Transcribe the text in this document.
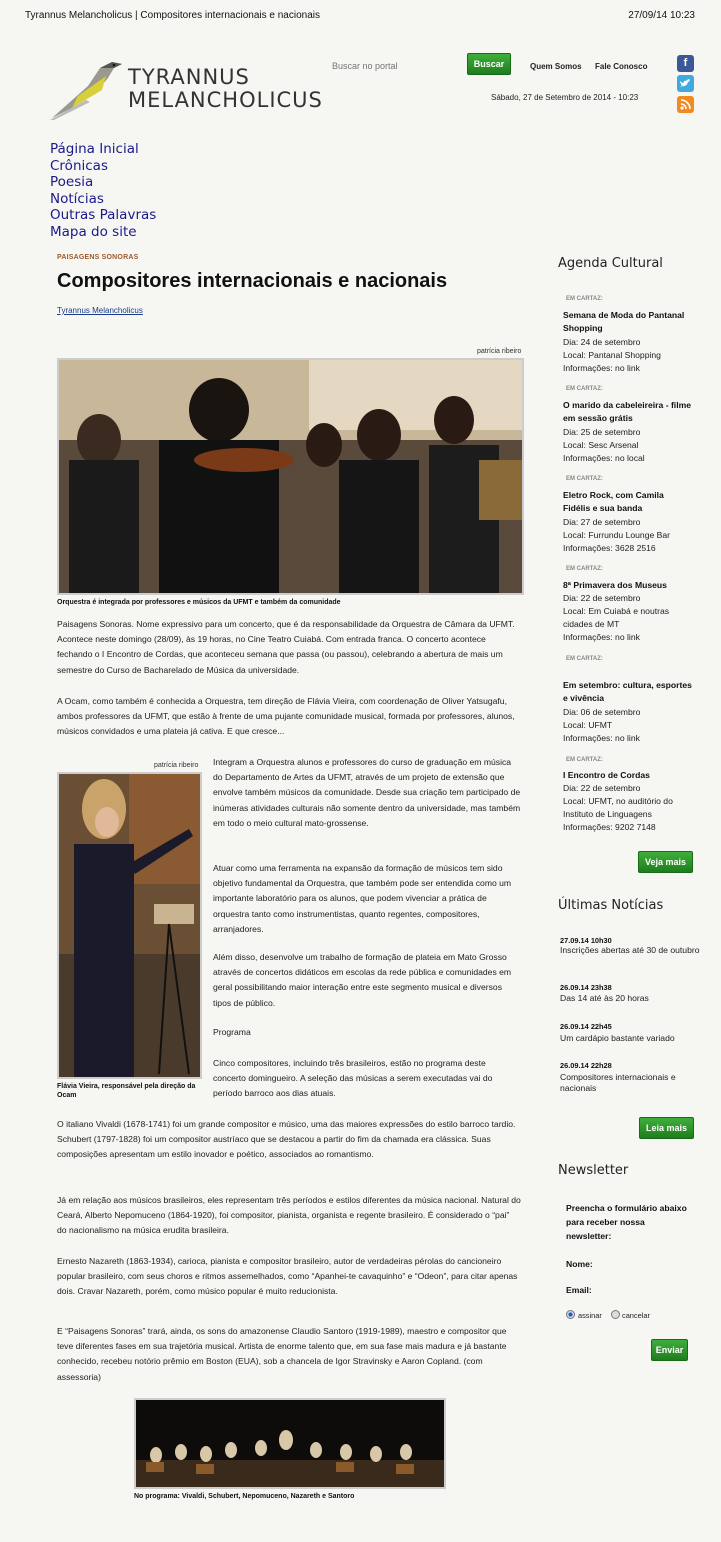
Tyrannus Melancholicus | Compositores internacionais e nacionais	27/09/14 10:23
TYRANNUS
MELANCHOLICUS
Buscar no portal
Buscar	Quem Somos Fale Conosco
Sábado, 27 de Setembro de 2014 - 10:23
f
Página Inicial
Crônicas
Poesia
Notícias
Outras Palavras
Mapa do site
PAISAGENS SONORAS
Compositores internacionais e nacionais
Tyrannus Melancholicus
patrícia ribeiro
Orquestra é integrada por professores e músicos da UFMT e também da comunidade

Paisagens Sonoras. Nome expressivo para um concerto, que é da responsabilidade da Orquestra de Câmara da UFMT. Acontece neste domingo (28/09), às 19 horas, no Cine Teatro Cuiabá. Com entrada franca. O concerto acontece fechando o I Encontro de Cordas, que aconteceu semana que passa (ou passou), celebrando a abertura de mais um semestre do Curso de Bacharelado de Música da universidade.

A Ocam, como também é conhecida a Orquestra, tem direção de Flávia Vieira, com coordenação de Oliver Yatsugafu, ambos professores da UFMT, que estão à frente de uma pujante comunidade musical, formada por professores, alunos, músicos convidados e uma plateia já cativa. E que cresce...

patrícia ribeiro
Flávia Vieira, responsável pela direção da Ocam

Integram a Orquestra alunos e professores do curso de graduação em música do Departamento de Artes da UFMT, através de um projeto de extensão que envolve também músicos da comunidade. Desde sua criação tem participado de inúmeras atividades culturais não somente dentro da universidade, mas também em todo o meio cultural mato-grossense.

Atuar como uma ferramenta na expansão da formação de músicos tem sido objetivo fundamental da Orquestra, que também pode ser entendida como um importante laboratório para os alunos, que podem vivenciar a prática de orquestra tanto como instrumentistas, quanto regentes, compositores, arranjadores.

Além disso, desenvolve um trabalho de formação de plateia em Mato Grosso através de concertos didáticos em escolas da rede pública e comunidades em geral possibilitando maior interação entre este segmento musical e diversos tipos de público.

Programa

Cinco compositores, incluindo três brasileiros, estão no programa deste concerto domingueiro. A seleção das músicas a serem executadas vai do período barroco aos dias atuais.

O italiano Vivaldi (1678-1741) foi um grande compositor e músico, uma das maiores expressões do estilo barroco tardio. Schubert (1797-1828) foi um compositor austríaco que se destacou a partir do fim da chamada era clássica. Suas composições apresentam um estilo inovador e poético, associados ao romantismo.

Já em relação aos músicos brasileiros, eles representam três períodos e estilos diferentes da música nacional. Natural do Ceará, Alberto Nepomuceno (1864-1920), foi compositor, pianista, organista e regente brasileiro. É considerado o “pai” do nacionalismo na música erudita brasileira.

Ernesto Nazareth (1863-1934), carioca, pianista e compositor brasileiro, autor de verdadeiras pérolas do cancioneiro popular brasileiro, com seus choros e ritmos assemelhados, como “Apanhei-te cavaquinho” e “Odeon”, para citar apenas dois. Cravar Nazareth, porém, como músico popular é muito reducionista.

E “Paisagens Sonoras” trará, ainda, os sons do amazonense Claudio Santoro (1919-1989), maestro e compositor que teve diferentes fases em sua trajetória musical. Artista de enorme talento que, em sua fase mais madura e já bastante conhecido, recebeu notório prêmio em Boston (EUA), sob a chancela de Igor Stravinsky e Aaron Copland. (com assessoria)

No programa: Vivaldi, Schubert, Nepomuceno, Nazareth e Santoro
Agenda Cultural
EM CARTAZ:
Semana de Moda do Pantanal Shopping
Dia: 24 de setembro
Local: Pantanal Shopping
Informações: no link
EM CARTAZ:
O marido da cabeleireira - filme em sessão grátis
Dia: 25 de setembro
Local: Sesc Arsenal
Informações: no local
EM CARTAZ:
Eletro Rock, com Camila Fidélis e sua banda
Dia: 27 de setembro
Local: Furrundu Lounge Bar
Informações: 3628 2516
EM CARTAZ:
8ª Primavera dos Museus
Dia: 22 de setembro
Local: Em Cuiabá e noutras cidades de MT
Informações: no link
EM CARTAZ:
Em setembro: cultura, esportes e vivência
Dia: 06 de setembro
Local: UFMT
Informações: no link
EM CARTAZ:
I Encontro de Cordas
Dia: 22 de setembro
Local: UFMT, no auditório do Instituto de Linguagens
Informações: 9202 7148
Veja mais
Últimas Notícias
27.09.14 10h30
Inscrições abertas até 30 de outubro
26.09.14 23h38
Das 14 até às 20 horas
26.09.14 22h45
Um cardápio bastante variado
26.09.14 22h28
Compositores internacionais e nacionais
Leia mais
Newsletter
Preencha o formulário abaixo para receber nossa newsletter:
Nome:
Email:
assinar	cancelar
Enviar
